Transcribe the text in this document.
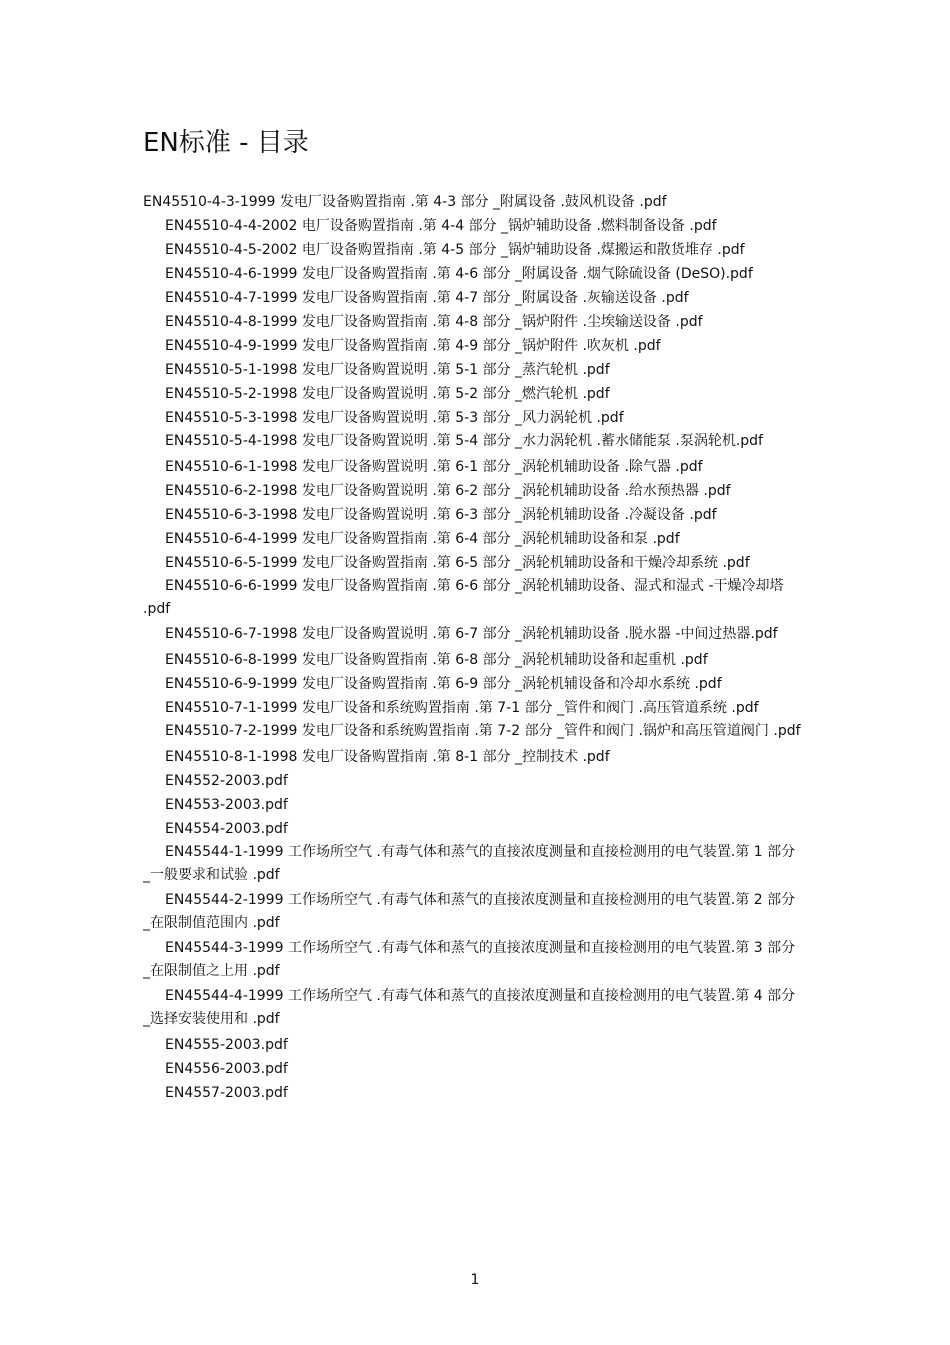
EN标准 - 目录

EN45510-4-3-1999 发电厂设备购置指南 .第 4-3 部分 _附属设备 .鼓风机设备 .pdf

EN45510-4-4-2002 电厂设备购置指南 .第 4-4 部分 _锅炉辅助设备 .燃料制备设备 .pdf

EN45510-4-5-2002 电厂设备购置指南 .第 4-5 部分 _锅炉辅助设备 .煤搬运和散货堆存 .pdf

EN45510-4-6-1999 发电厂设备购置指南 .第 4-6 部分 _附属设备 .烟气除硫设备 (DeSO).pdf

EN45510-4-7-1999 发电厂设备购置指南 .第 4-7 部分 _附属设备 .灰输送设备 .pdf

EN45510-4-8-1999 发电厂设备购置指南 .第 4-8 部分 _锅炉附件 .尘埃输送设备 .pdf

EN45510-4-9-1999 发电厂设备购置指南 .第 4-9 部分 _锅炉附件 .吹灰机 .pdf

EN45510-5-1-1998 发电厂设备购置说明 .第 5-1 部分 _蒸汽轮机 .pdf

EN45510-5-2-1998 发电厂设备购置说明 .第 5-2 部分 _燃汽轮机 .pdf

EN45510-5-3-1998 发电厂设备购置说明 .第 5-3 部分 _风力涡轮机 .pdf

EN45510-5-4-1998 发电厂设备购置说明 .第 5-4 部分 _水力涡轮机 .蓄水储能泵 .泵涡轮机.pdf

EN45510-6-1-1998 发电厂设备购置说明 .第 6-1 部分 _涡轮机辅助设备 .除气器 .pdf

EN45510-6-2-1998 发电厂设备购置说明 .第 6-2 部分 _涡轮机辅助设备 .给水预热器 .pdf

EN45510-6-3-1998 发电厂设备购置说明 .第 6-3 部分 _涡轮机辅助设备 .冷凝设备 .pdf

EN45510-6-4-1999 发电厂设备购置指南 .第 6-4 部分 _涡轮机辅助设备和泵 .pdf

EN45510-6-5-1999 发电厂设备购置指南 .第 6-5 部分 _涡轮机辅助设备和干燥冷却系统 .pdf

EN45510-6-6-1999 发电厂设备购置指南 .第 6-6 部分 _涡轮机辅助设备、湿式和湿式 -干燥冷却塔 .pdf

EN45510-6-7-1998 发电厂设备购置说明 .第 6-7 部分 _涡轮机辅助设备 .脱水器 -中间过热器.pdf

EN45510-6-8-1999 发电厂设备购置指南 .第 6-8 部分 _涡轮机辅助设备和起重机 .pdf

EN45510-6-9-1999 发电厂设备购置指南 .第 6-9 部分 _涡轮机辅设备和冷却水系统 .pdf

EN45510-7-1-1999 发电厂设备和系统购置指南 .第 7-1 部分 _管件和阀门 .高压管道系统 .pdf

EN45510-7-2-1999 发电厂设备和系统购置指南 .第 7-2 部分 _管件和阀门 .锅炉和高压管道阀门 .pdf

EN45510-8-1-1998 发电厂设备购置指南 .第 8-1 部分 _控制技术 .pdf

EN4552-2003.pdf

EN4553-2003.pdf

EN4554-2003.pdf

EN45544-1-1999 工作场所空气 .有毒气体和蒸气的直接浓度测量和直接检测用的电气装置.第 1 部分 _一般要求和试验 .pdf

EN45544-2-1999 工作场所空气 .有毒气体和蒸气的直接浓度测量和直接检测用的电气装置.第 2 部分 _在限制值范围内 .pdf

EN45544-3-1999 工作场所空气 .有毒气体和蒸气的直接浓度测量和直接检测用的电气装置.第 3 部分 _在限制值之上用 .pdf

EN45544-4-1999 工作场所空气 .有毒气体和蒸气的直接浓度测量和直接检测用的电气装置.第 4 部分 _选择安装使用和 .pdf

EN4555-2003.pdf

EN4556-2003.pdf

EN4557-2003.pdf

1
